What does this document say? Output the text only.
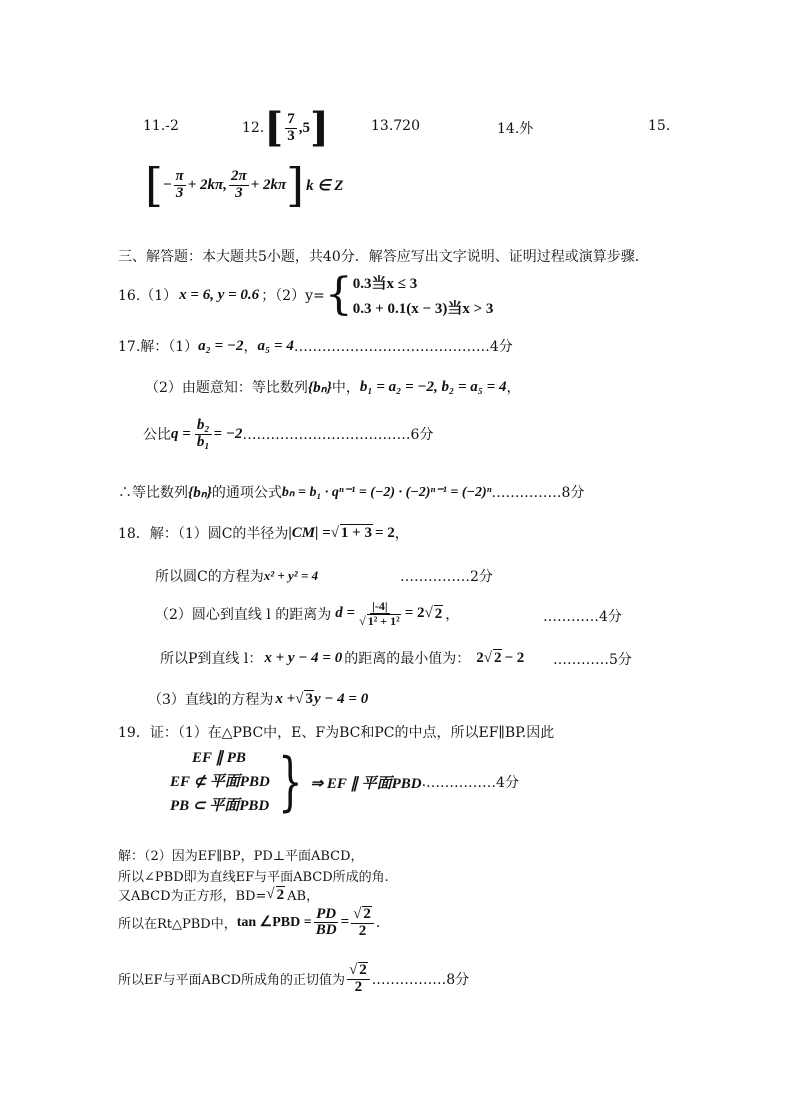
11.-2	12. [ $\frac{7}{3} ,5$ ]	13.720	14.外	15.
[ − $\frac{\pi}{3} + 2k\pi$, $\frac{2\pi}{3} + 2k\pi$ ] k ∈ Z
三、解答题：本大题共5小题，共40分．解答应写出文字说明、证明过程或演算步骤．
16.（1） x = 6, y = 0.6 ；（2）y= { 0.3当x ≤ 3
0.3 + 0.1(x − 3)当x > 3
17.解：（1） a₂ = −2 ， a₅ = 4 ……………………………………4分
（2）由题意知：等比数列 {bₙ} 中， b₁ = a₂ = −2, b₂ = a₅ = 4 ，
公比 $q = \frac{\text{b₂}}{\text{b₁}} = -2$ ………………………………6分
∴等比数列 {bₙ} 的通项公式 bₙ = b₁ · qⁿ⁻¹ = (−2) · (−2)ⁿ⁻¹ = (−2)ⁿ ……………8分
18．解：（1）圆C的半径为 |CM| = √ 1 + 3 = 2 ，
所以圆C的方程为 x² + y² = 4	……………2分
（2）圆心到直线 l 的距离为 $d = \frac{|-4|}{\text{√ 1² + 1²}} = 2$ √ 2 ，	…………4分
所以P到直线 l： x + y − 4 = 0 的距离的最小值为： 2 √ 2 − 2 …………5分
（3）直线l的方程为 x + √ 3 y − 4 = 0
19．证：（1）在△PBC中，E、F为BC和PC的中点，所以EF∥BP.因此
EF ∥ PB
EF ⊄ 平面PBD
PB ⊂ 平面PBD } ⇒ EF ∥ 平面PBD . ……………4分
解：（2）因为EF∥BP，PD⊥平面ABCD，
所以∠PBD即为直线EF与平面ABCD所成的角.
又ABCD为正方形，BD= √ 2 AB，
所以在Rt△PBD中， tan ∠PBD = $\frac{PD}{BD} = \frac{√ 2}{2}$ .
所以EF与平面ABCD所成角的正切值为 $\frac{√ 2}{2}$ .……………8分
